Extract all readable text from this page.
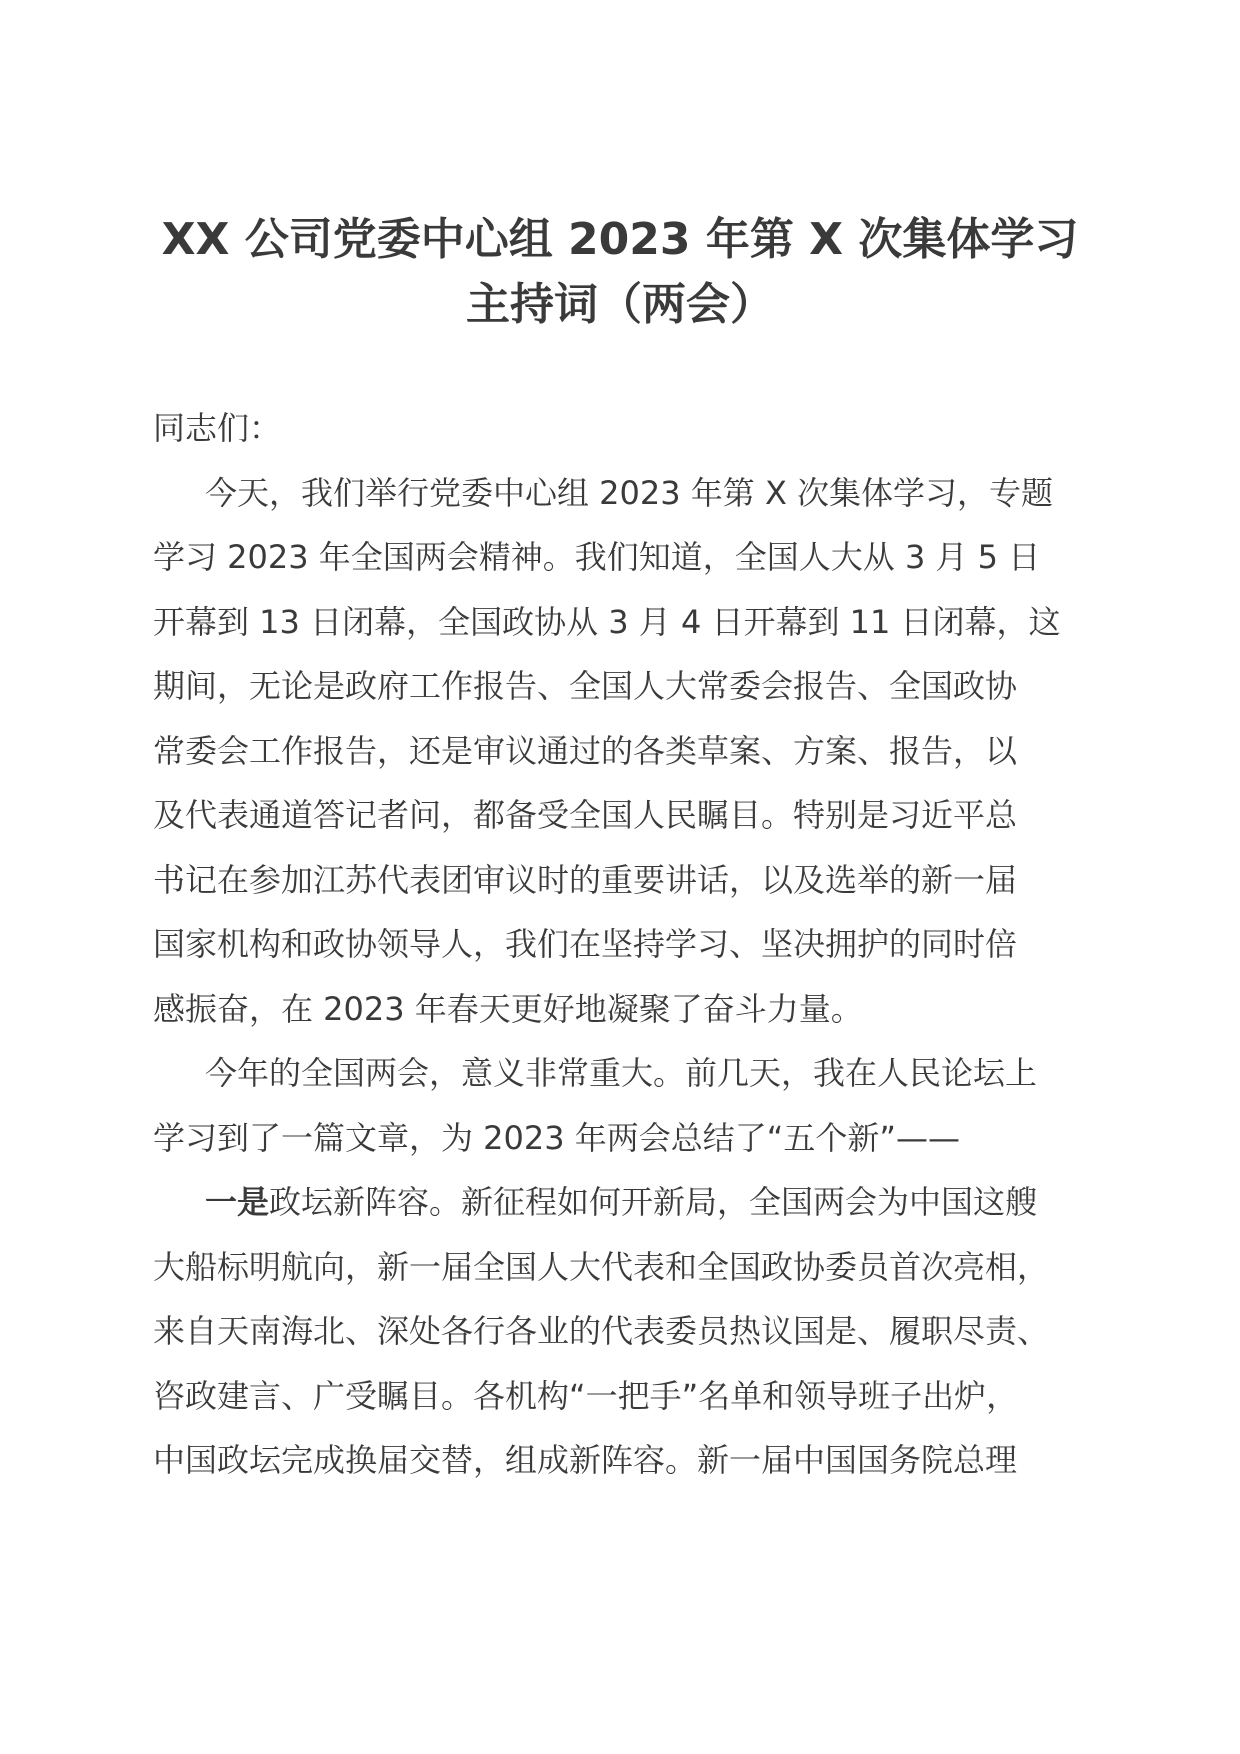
XX 公司党委中心组 2023 年第 X 次集体学习
主持词（两会）

同志们：

今天，我们举行党委中心组 2023 年第 X 次集体学习，专题
学习 2023 年全国两会精神。我们知道，全国人大从 3 月 5 日
开幕到 13 日闭幕，全国政协从 3 月 4 日开幕到 11 日闭幕，这
期间，无论是政府工作报告、全国人大常委会报告、全国政协
常委会工作报告，还是审议通过的各类草案、方案、报告，以
及代表通道答记者问，都备受全国人民瞩目。特别是习近平总
书记在参加江苏代表团审议时的重要讲话，以及选举的新一届
国家机构和政协领导人，我们在坚持学习、坚决拥护的同时倍
感振奋，在 2023 年春天更好地凝聚了奋斗力量。

今年的全国两会，意义非常重大。前几天，我在人民论坛上
学习到了一篇文章，为 2023 年两会总结了“五个新”——

一是政坛新阵容。新征程如何开新局，全国两会为中国这艘
大船标明航向，新一届全国人大代表和全国政协委员首次亮相，
来自天南海北、深处各行各业的代表委员热议国是、履职尽责、
咨政建言、广受瞩目。各机构“一把手”名单和领导班子出炉，
中国政坛完成换届交替，组成新阵容。新一届中国国务院总理
